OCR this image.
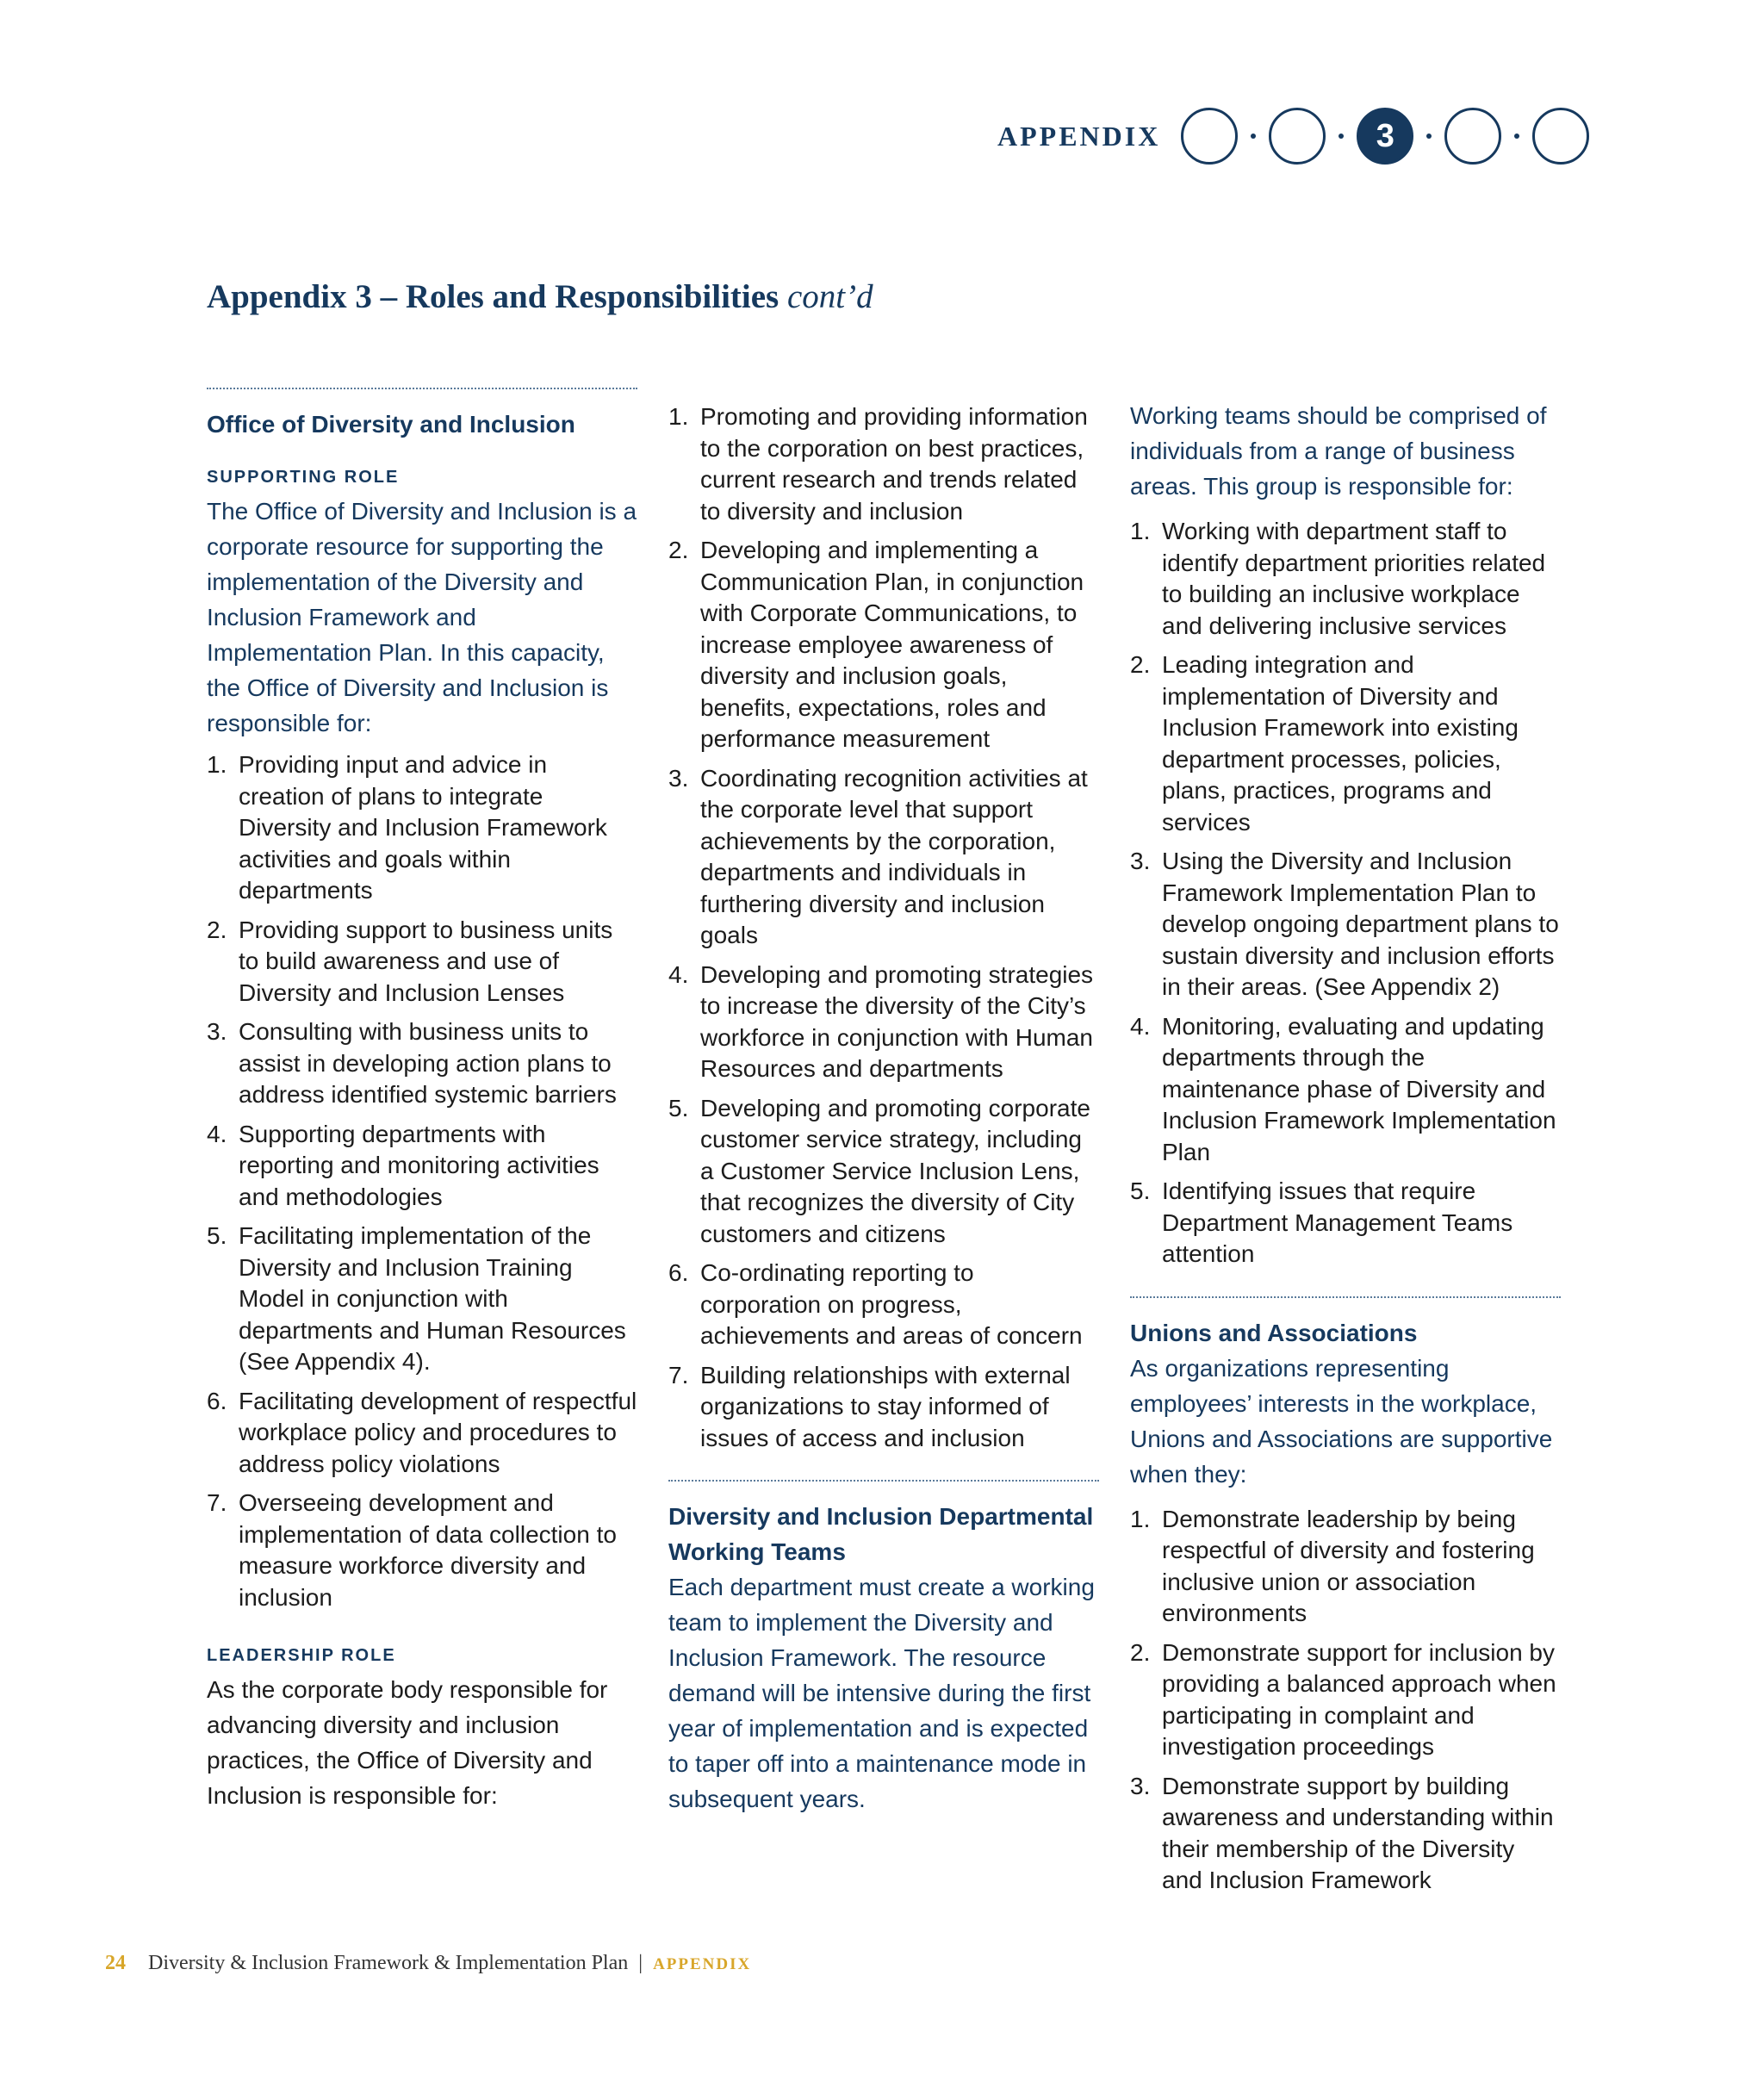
APPENDIX	3
Appendix 3 – Roles and Responsibilities cont’d

Office of Diversity and Inclusion

SUPPORTING ROLE

The Office of Diversity and Inclusion is a corporate resource for supporting the implementation of the Diversity and Inclusion Framework and Implementation Plan. In this capacity, the Office of Diversity and Inclusion is responsible for:

1. Providing input and advice in creation of plans to integrate Diversity and Inclusion Framework activities and goals within departments
2. Providing support to business units to build awareness and use of Diversity and Inclusion Lenses
3. Consulting with business units to assist in developing action plans to address identified systemic barriers
4. Supporting departments with reporting and monitoring activities and methodologies
5. Facilitating implementation of the Diversity and Inclusion Training Model in conjunction with departments and Human Resources (See Appendix 4).
6. Facilitating development of respectful workplace policy and procedures to address policy violations
7. Overseeing development and implementation of data collection to measure workforce diversity and inclusion
LEADERSHIP ROLE

As the corporate body responsible for advancing diversity and inclusion practices, the Office of Diversity and Inclusion is responsible for:

1. Promoting and providing information to the corporation on best practices, current research and trends related to diversity and inclusion
2. Developing and implementing a Communication Plan, in conjunction with Corporate Communications, to increase employee awareness of diversity and inclusion goals, benefits, expectations, roles and performance measurement
3. Coordinating recognition activities at the corporate level that support achievements by the corporation, departments and individuals in furthering diversity and inclusion goals
4. Developing and promoting strategies to increase the diversity of the City’s workforce in conjunction with Human Resources and departments
5. Developing and promoting corporate customer service strategy, including a Customer Service Inclusion Lens, that recognizes the diversity of City customers and citizens
6. Co-ordinating reporting to corporation on progress, achievements and areas of concern
7. Building relationships with external organizations to stay informed of issues of access and inclusion

Diversity and Inclusion Departmental Working Teams

Each department must create a working team to implement the Diversity and Inclusion Framework. The resource demand will be intensive during the first year of implementation and is expected to taper off into a maintenance mode in subsequent years.

Working teams should be comprised of individuals from a range of business areas. This group is responsible for:

1. Working with department staff to identify department priorities related to building an inclusive workplace and delivering inclusive services
2. Leading integration and implementation of Diversity and Inclusion Framework into existing department processes, policies, plans, practices, programs and services
3. Using the Diversity and Inclusion Framework Implementation Plan to develop ongoing department plans to sustain diversity and inclusion efforts in their areas. (See Appendix 2)
4. Monitoring, evaluating and updating departments through the maintenance phase of Diversity and Inclusion Framework Implementation Plan
5. Identifying issues that require Department Management Teams attention

Unions and Associations

As organizations representing employees’ interests in the workplace, Unions and Associations are supportive when they:

1. Demonstrate leadership by being respectful of diversity and fostering inclusive union or association environments
2. Demonstrate support for inclusion by providing a balanced approach when participating in complaint and investigation proceedings
3. Demonstrate support by building awareness and understanding within their membership of the Diversity and Inclusion Framework
24 Diversity & Inclusion Framework & Implementation Plan | APPENDIX
